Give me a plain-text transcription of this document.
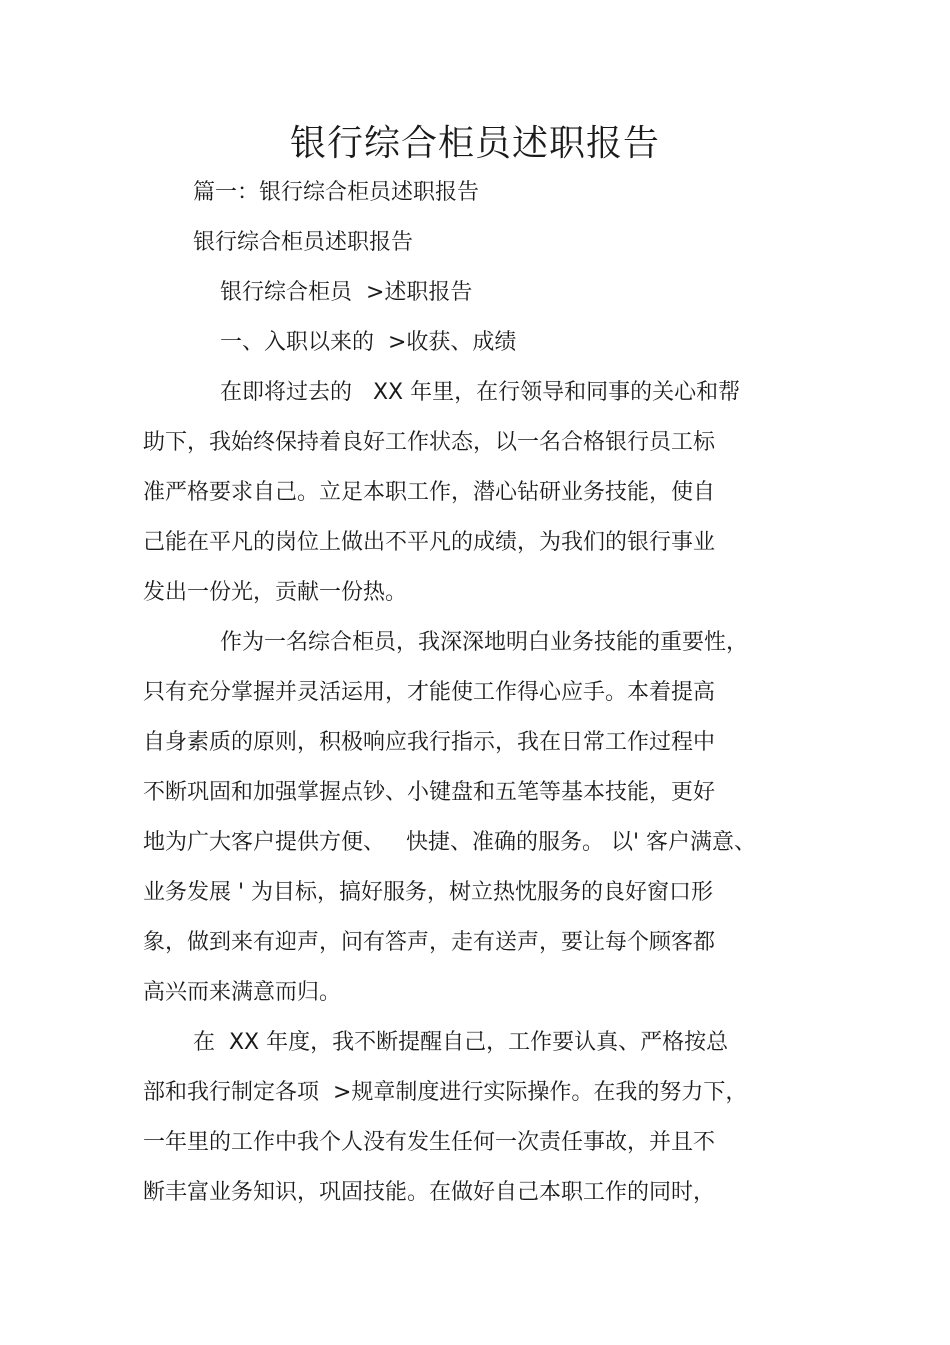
银行综合柜员述职报告
篇一：银行综合柜员述职报告
银行综合柜员述职报告
银行综合柜员  >述职报告
一、入职以来的  >收获、成绩
在即将过去的   XX 年里，在行领导和同事的关心和帮
助下，我始终保持着良好工作状态，以一名合格银行员工标
准严格要求自己。立足本职工作，潜心钻研业务技能，使自
己能在平凡的岗位上做出不平凡的成绩，为我们的银行事业
发出一份光，贡献一份热。
作为一名综合柜员，我深深地明白业务技能的重要性，
只有充分掌握并灵活运用，才能使工作得心应手。本着提高
自身素质的原则，积极响应我行指示，我在日常工作过程中
不断巩固和加强掌握点钞、小键盘和五笔等基本技能，更好
地为广大客户提供方便、   快捷、准确的服务。 以' 客户满意、
业务发展 ' 为目标，搞好服务，树立热忱服务的良好窗口形
象，做到来有迎声，问有答声，走有送声，要让每个顾客都
高兴而来满意而归。
在  XX 年度，我不断提醒自己，工作要认真、严格按总
部和我行制定各项  >规章制度进行实际操作。在我的努力下，
一年里的工作中我个人没有发生任何一次责任事故，并且不
断丰富业务知识，巩固技能。在做好自己本职工作的同时，
